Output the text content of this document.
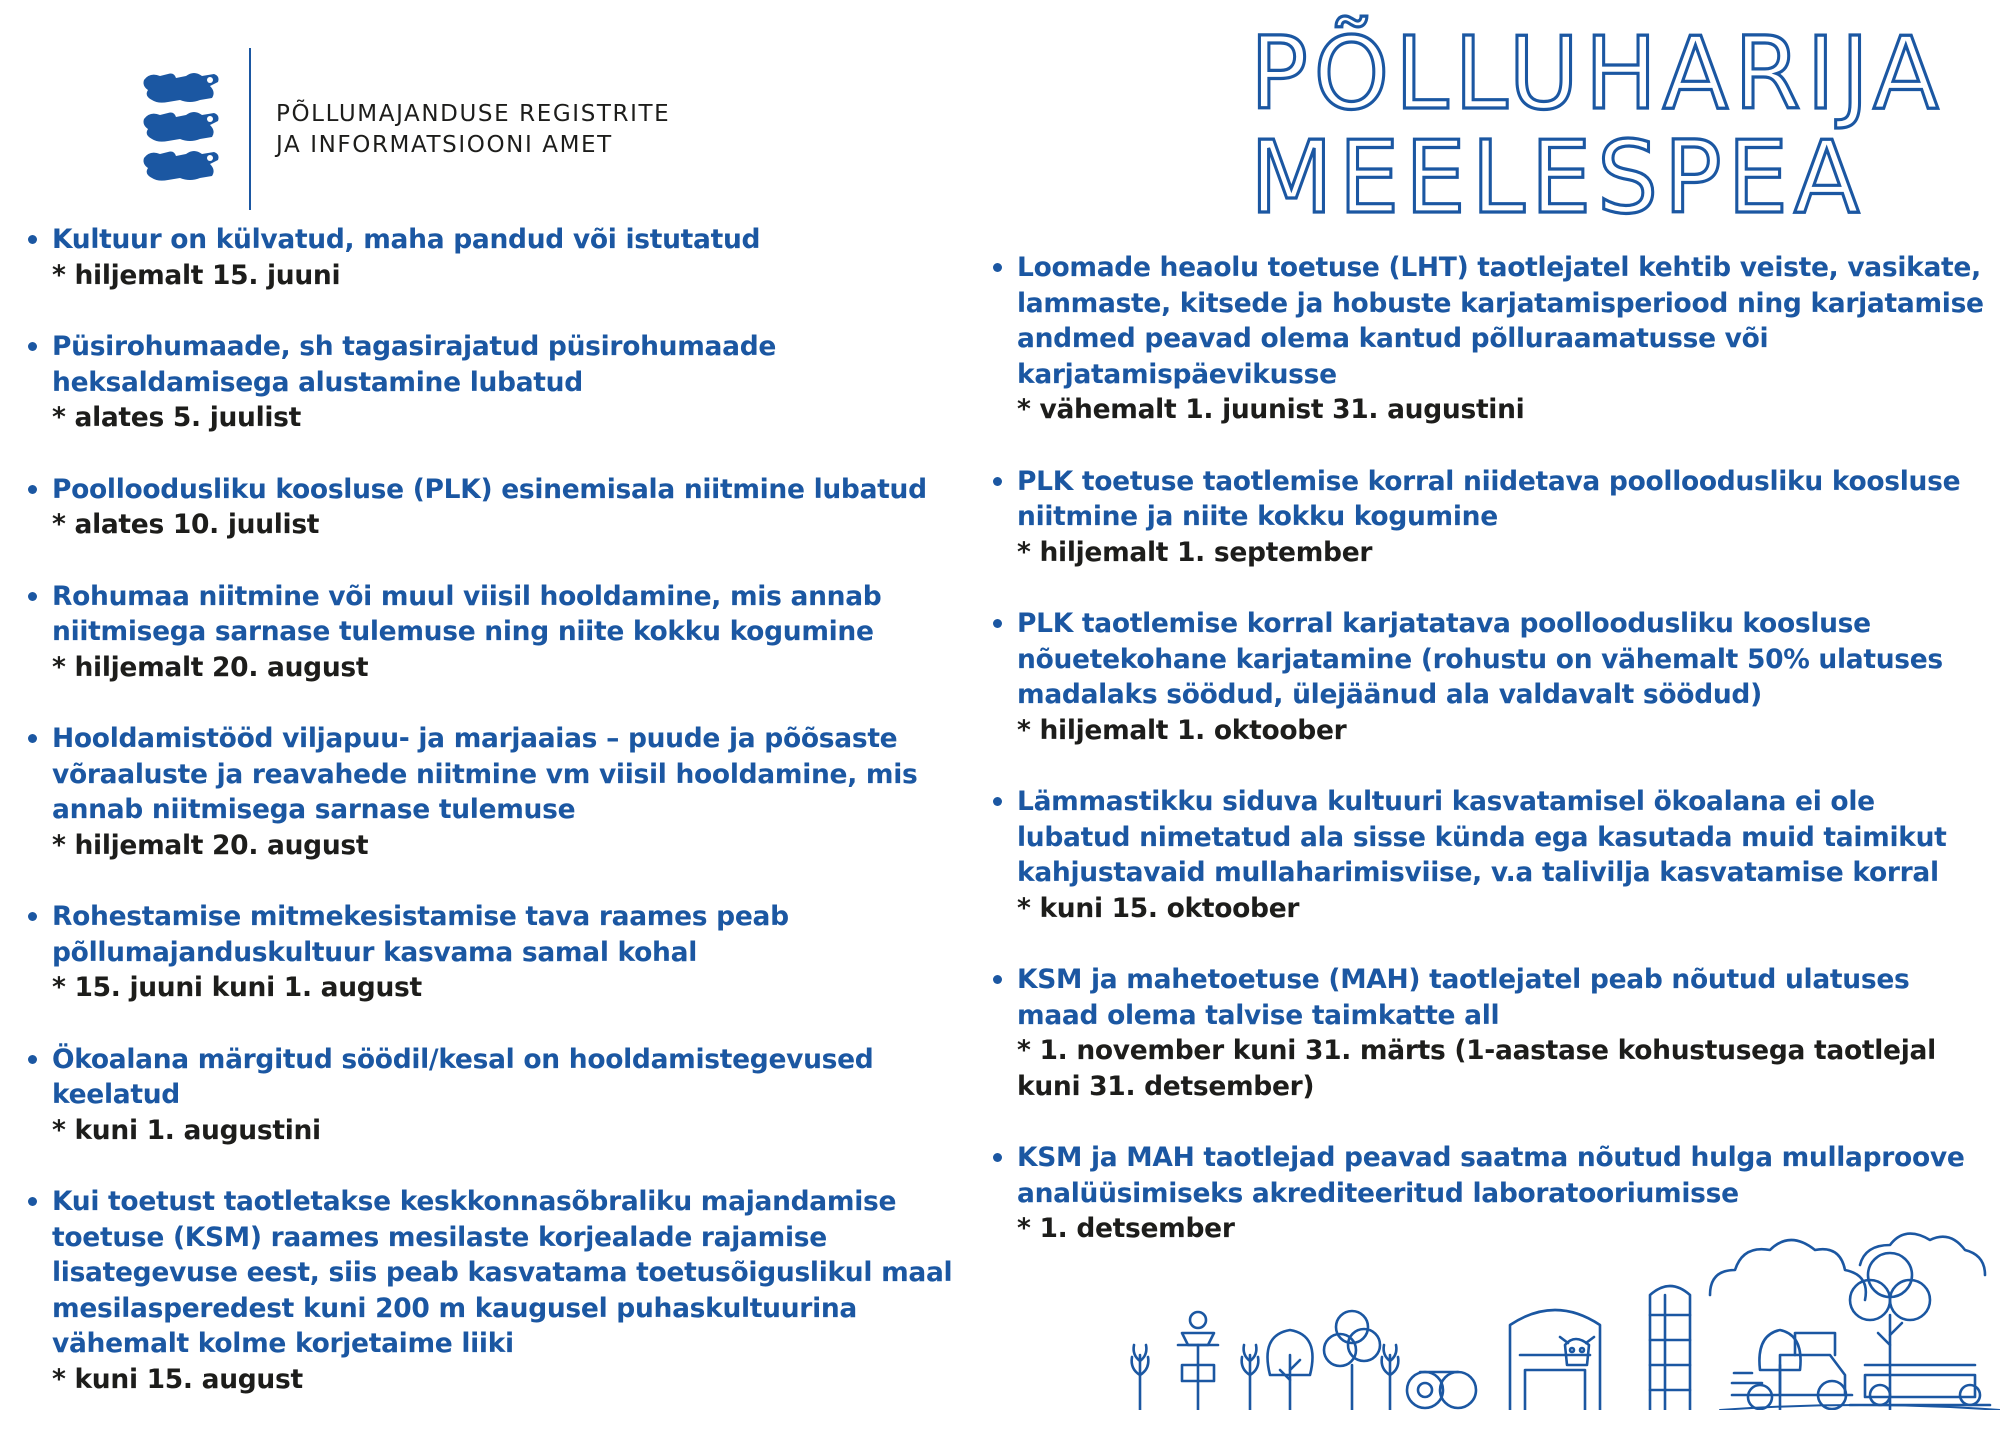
PÕLLUMAJANDUSE REGISTRITE
JA INFORMATSIOONI AMET
PÕLLUHARIJA
MEELESPEA
Kultuur on külvatud, maha pandud või istutatud
* hiljemalt 15. juuni
Püsirohumaade, sh tagasirajatud püsirohumaade heksaldamisega alustamine lubatud
* alates 5. juulist
Poolloodusliku koosluse (PLK) esinemisala niitmine lubatud
* alates 10. juulist
Rohumaa niitmine või muul viisil hooldamine, mis annab niitmisega sarnase tulemuse ning niite kokku kogumine
* hiljemalt 20. august
Hooldamistööd viljapuu- ja marjaaias – puude ja põõsaste võraaluste ja reavahede niitmine vm viisil hooldamine, mis annab niitmisega sarnase tulemuse
* hiljemalt 20. august
Rohestamise mitmekesistamise tava raames peab põllumajanduskultuur kasvama samal kohal
* 15. juuni kuni 1. august
Ökoalana märgitud söödil/kesal on hooldamistegevused keelatud
* kuni 1. augustini
Kui toetust taotletakse keskkonnasõbraliku majandamise toetuse (KSM) raames mesilaste korjealade rajamise lisategevuse eest, siis peab kasvatama toetusõiguslikul maal mesilasperedest kuni 200 m kaugusel puhaskultuurina vähemalt kolme korjetaime liiki
* kuni 15. august
Loomade heaolu toetuse (LHT) taotlejatel kehtib veiste, vasikate, lammaste, kitsede ja hobuste karjatamisperiood ning karjatamise andmed peavad olema kantud põlluraamatusse või karjatamispäevikusse
* vähemalt 1. juunist 31. augustini
PLK toetuse taotlemise korral niidetava poolloodusliku koosluse niitmine ja niite kokku kogumine
* hiljemalt 1. september
PLK taotlemise korral karjatatava poolloodusliku koosluse nõuetekohane karjatamine (rohustu on vähemalt 50% ulatuses madalaks söödud, ülejäänud ala valdavalt söödud)
* hiljemalt 1. oktoober
Lämmastikku siduva kultuuri kasvatamisel ökoalana ei ole lubatud nimetatud ala sisse künda ega kasutada muid taimikut kahjustavaid mullaharimisviise, v.a talivilja kasvatamise korral
* kuni 15. oktoober
KSM ja mahetoetuse (MAH) taotlejatel peab nõutud ulatuses maad olema talvise taimkatte all
* 1. november kuni 31. märts (1-aastase kohustusega taotlejal kuni 31. detsember)
KSM ja MAH taotlejad peavad saatma nõutud hulga mullaproove analüüsimiseks akrediteeritud laboratooriumisse
* 1. detsember
